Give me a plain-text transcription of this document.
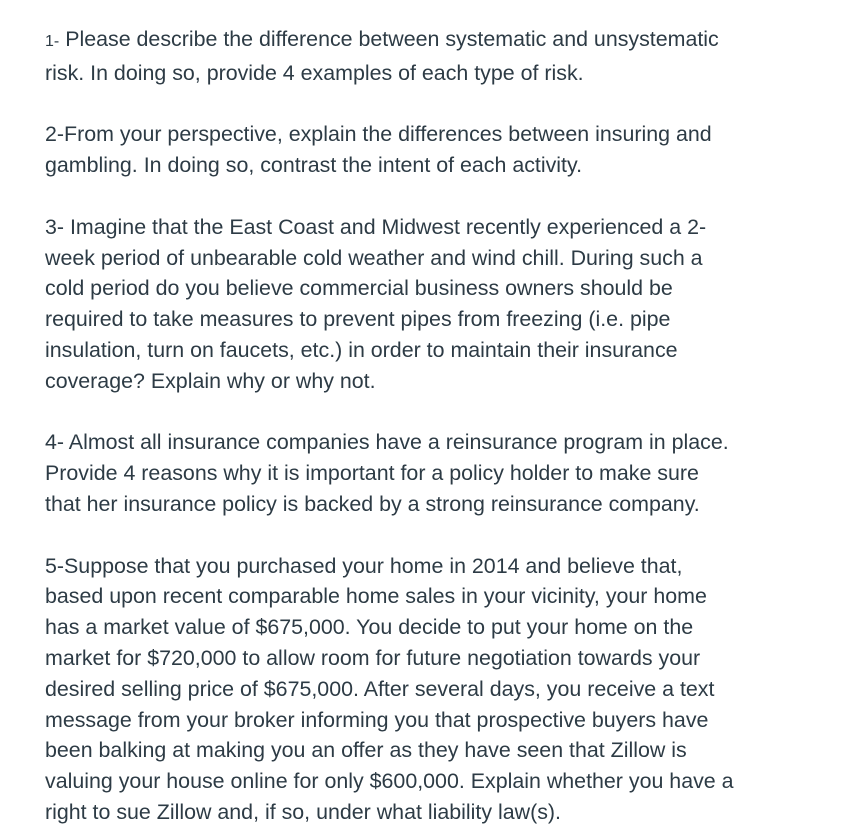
1- Please describe the difference between systematic and unsystematic
risk. In doing so, provide 4 examples of each type of risk.

2-From your perspective, explain the differences between insuring and
gambling. In doing so, contrast the intent of each activity.

3- Imagine that the East Coast and Midwest recently experienced a 2-
week period of unbearable cold weather and wind chill. During such a
cold period do you believe commercial business owners should be
required to take measures to prevent pipes from freezing (i.e. pipe
insulation, turn on faucets, etc.) in order to maintain their insurance
coverage? Explain why or why not.

4- Almost all insurance companies have a reinsurance program in place.
Provide 4 reasons why it is important for a policy holder to make sure
that her insurance policy is backed by a strong reinsurance company.

5-Suppose that you purchased your home in 2014 and believe that,
based upon recent comparable home sales in your vicinity, your home
has a market value of $675,000. You decide to put your home on the
market for $720,000 to allow room for future negotiation towards your
desired selling price of $675,000. After several days, you receive a text
message from your broker informing you that prospective buyers have
been balking at making you an offer as they have seen that Zillow is
valuing your house online for only $600,000. Explain whether you have a
right to sue Zillow and, if so, under what liability law(s).
